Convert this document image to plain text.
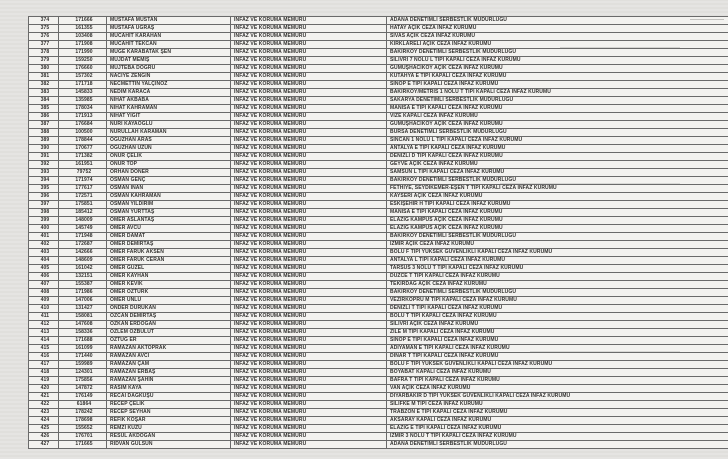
374	171666	MUSTAFA MUSTAN	İNFAZ VE KORUMA MEMURU	ADANA DENETİMLİ SERBESTLİK MÜDÜRLÜĞÜ
375	161355	MUSTAFA UĞRAŞ	İNFAZ VE KORUMA MEMURU	HATAY AÇIK CEZA İNFAZ KURUMU
376	103408	MÜCAHİT KARAHAN	İNFAZ VE KORUMA MEMURU	SİVAS AÇIK CEZA İNFAZ KURUMU
377	171908	MÜCAHİT TEKCAN	İNFAZ VE KORUMA MEMURU	KIRKLARELİ AÇIK CEZA İNFAZ KURUMU
378	171990	MÜGE KARABATAK ŞEN	İNFAZ VE KORUMA MEMURU	BAKIRKÖY DENETİMLİ SERBESTLİK MÜDÜRLÜĞÜ
379	159250	MÜJDAT MEMİŞ	İNFAZ VE KORUMA MEMURU	SİLİVRİ 7 NOLU L TİPİ KAPALI CEZA İNFAZ KURUMU
380	176660	MÜJTEBA DOĞRU	İNFAZ VE KORUMA MEMURU	GÜMÜŞHACIKÖY AÇIK CEZA İNFAZ KURUMU
381	157302	NACİYE ZENGİN	İNFAZ VE KORUMA MEMURU	KÜTAHYA E TİPİ KAPALI CEZA İNFAZ KURUMU
382	171718	NECMETTİN YALÇINÖZ	İNFAZ VE KORUMA MEMURU	SİNOP E TİPİ KAPALI CEZA İNFAZ KURUMU
383	145833	NEDİM KARACA	İNFAZ VE KORUMA MEMURU	BAKIRKÖY/METRİS 1 NOLU T TİPİ KAPALI CEZA İNFAZ KURUMU
384	135985	NİHAT AKBABA	İNFAZ VE KORUMA MEMURU	SAKARYA DENETİMLİ SERBESTLİK MÜDÜRLÜĞÜ
385	178034	NİHAT KAHRAMAN	İNFAZ VE KORUMA MEMURU	MANİSA E TİPİ KAPALI CEZA İNFAZ KURUMU
386	171913	NİHAT YİĞİT	İNFAZ VE KORUMA MEMURU	VİZE KAPALI CEZA İNFAZ KURUMU
387	176684	NURİ KAYAOĞLU	İNFAZ VE KORUMA MEMURU	GÜMÜŞHACIKÖY AÇIK CEZA İNFAZ KURUMU
388	100500	NURULLAH KARAMAN	İNFAZ VE KORUMA MEMURU	BURSA DENETİMLİ SERBESTLİK MÜDÜRLÜĞÜ
389	178844	OĞUZHAN ARAS	İNFAZ VE KORUMA MEMURU	SİNCAN 1 NOLU L TİPİ KAPALI CEZA İNFAZ KURUMU
390	170677	OĞUZHAN UZUN	İNFAZ VE KORUMA MEMURU	ANTALYA E TİPİ KAPALI CEZA İNFAZ KURUMU
391	171382	ONUR ÇELİK	İNFAZ VE KORUMA MEMURU	DENİZLİ D TİPİ KAPALI CEZA İNFAZ KURUMU
392	161951	ONUR TOP	İNFAZ VE KORUMA MEMURU	GEYVE AÇIK CEZA İNFAZ KURUMU
393	79752	ORHAN DÖNER	İNFAZ VE KORUMA MEMURU	SAMSUN L TİPİ KAPALI CEZA İNFAZ KURUMU
394	171974	OSMAN GENÇ	İNFAZ VE KORUMA MEMURU	BAKIRKÖY DENETİMLİ SERBESTLİK MÜDÜRLÜĞÜ
395	177617	OSMAN İNAN	İNFAZ VE KORUMA MEMURU	FETHİYE, SEYDİKEMER-EŞEN T TİPİ KAPALI CEZA İNFAZ KURUMU
396	172571	OSMAN KAHRAMAN	İNFAZ VE KORUMA MEMURU	KAYSERİ AÇIK CEZA İNFAZ KURUMU
397	175851	OSMAN YILDIRIM	İNFAZ VE KORUMA MEMURU	ESKİŞEHİR H TİPİ KAPALI CEZA İNFAZ KURUMU
398	185412	OSMAN YURTTAŞ	İNFAZ VE KORUMA MEMURU	MANİSA E TİPİ KAPALI CEZA İNFAZ KURUMU
399	148009	ÖMER ASLANTAŞ	İNFAZ VE KORUMA MEMURU	ELAZIĞ KAMPÜS AÇIK CEZA İNFAZ KURUMU
400	145749	ÖMER AVCU	İNFAZ VE KORUMA MEMURU	ELAZIĞ KAMPÜS AÇIK CEZA İNFAZ KURUMU
401	171948	ÖMER DAMAT	İNFAZ VE KORUMA MEMURU	BAKIRKÖY DENETİMLİ SERBESTLİK MÜDÜRLÜĞÜ
402	172687	ÖMER DEMİRTAŞ	İNFAZ VE KORUMA MEMURU	İZMİR AÇIK CEZA İNFAZ KURUMU
403	142666	ÖMER FARUK AKSEN	İNFAZ VE KORUMA MEMURU	BOLU F TİPİ YÜKSEK GÜVENLİKLİ KAPALI CEZA İNFAZ KURUMU
404	148609	ÖMER FARUK CERAN	İNFAZ VE KORUMA MEMURU	ANTALYA L TİPİ KAPALI CEZA İNFAZ KURUMU
405	161042	ÖMER GÜZEL	İNFAZ VE KORUMA MEMURU	TARSUS 3 NOLU T TİPİ KAPALI CEZA İNFAZ KURUMU
406	132151	ÖMER KAYHAN	İNFAZ VE KORUMA MEMURU	DÜZCE T TİPİ KAPALI CEZA İNFAZ KURUMU
407	155387	ÖMER KEVİK	İNFAZ VE KORUMA MEMURU	TEKİRDAĞ AÇIK CEZA İNFAZ KURUMU
408	171986	ÖMER ÖZTÜRK	İNFAZ VE KORUMA MEMURU	BAKIRKÖY DENETİMLİ SERBESTLİK MÜDÜRLÜĞÜ
409	147006	ÖMER ÜNLÜ	İNFAZ VE KORUMA MEMURU	VEZİRKÖPRÜ M TİPİ KAPALI CEZA İNFAZ KURUMU
410	131427	ÖNDER DURUKAN	İNFAZ VE KORUMA MEMURU	DENİZLİ T TİPİ KAPALI CEZA İNFAZ KURUMU
411	158081	ÖZCAN DEMİRTAŞ	İNFAZ VE KORUMA MEMURU	BOLU T TİPİ KAPALI CEZA İNFAZ KURUMU
412	147608	ÖZKAN ERDOĞAN	İNFAZ VE KORUMA MEMURU	SİLİVRİ AÇIK CEZA İNFAZ KURUMU
413	158336	ÖZLEM ÖZBULUT	İNFAZ VE KORUMA MEMURU	ZİLE M TİPİ KAPALI CEZA İNFAZ KURUMU
414	171688	ÖZTUĞ ER	İNFAZ VE KORUMA MEMURU	SİNOP E TİPİ KAPALI CEZA İNFAZ KURUMU
415	161099	RAMAZAN AKTOPRAK	İNFAZ VE KORUMA MEMURU	ADIYAMAN E TİPİ KAPALI CEZA İNFAZ KURUMU
416	171440	RAMAZAN AVCI	İNFAZ VE KORUMA MEMURU	DİNAR T TİPİ KAPALI CEZA İNFAZ KURUMU
417	159989	RAMAZAN ÇAM	İNFAZ VE KORUMA MEMURU	BOLU F TİPİ YÜKSEK GÜVENLİKLİ KAPALI CEZA İNFAZ KURUMU
418	124301	RAMAZAN ERBAŞ	İNFAZ VE KORUMA MEMURU	BOYABAT KAPALI CEZA İNFAZ KURUMU
419	175856	RAMAZAN ŞAHİN	İNFAZ VE KORUMA MEMURU	BAFRA T TİPİ KAPALI CEZA İNFAZ KURUMU
420	147872	RASİM KAYA	İNFAZ VE KORUMA MEMURU	VAN AÇIK CEZA İNFAZ KURUMU
421	176149	RECAİ DAĞKUŞU	İNFAZ VE KORUMA MEMURU	DİYARBAKIR D TİPİ YÜKSEK GÜVENLİKLİ KAPALI CEZA İNFAZ KURUMU
422	61864	RECEP ÇELİK	İNFAZ VE KORUMA MEMURU	SİLİFKE M TİPİ CEZA İNFAZ KURUMU
423	178242	RECEP SEYHAN	İNFAZ VE KORUMA MEMURU	TRABZON E TİPİ KAPALI CEZA İNFAZ KURUMU
424	178698	REFİK KOŞAR	İNFAZ VE KORUMA MEMURU	AKSARAY KAPALI CEZA İNFAZ KURUMU
425	155652	REMZİ KUZU	İNFAZ VE KORUMA MEMURU	ELAZIĞ E TİPİ KAPALI CEZA İNFAZ KURUMU
426	176701	RESUL AKDOĞAN	İNFAZ VE KORUMA MEMURU	İZMİR 3 NOLU T TİPİ KAPALI CEZA İNFAZ KURUMU
427	171665	RIDVAN GÜLSÜN	İNFAZ VE KORUMA MEMURU	ADANA DENETİMLİ SERBESTLİK MÜDÜRLÜĞÜ
